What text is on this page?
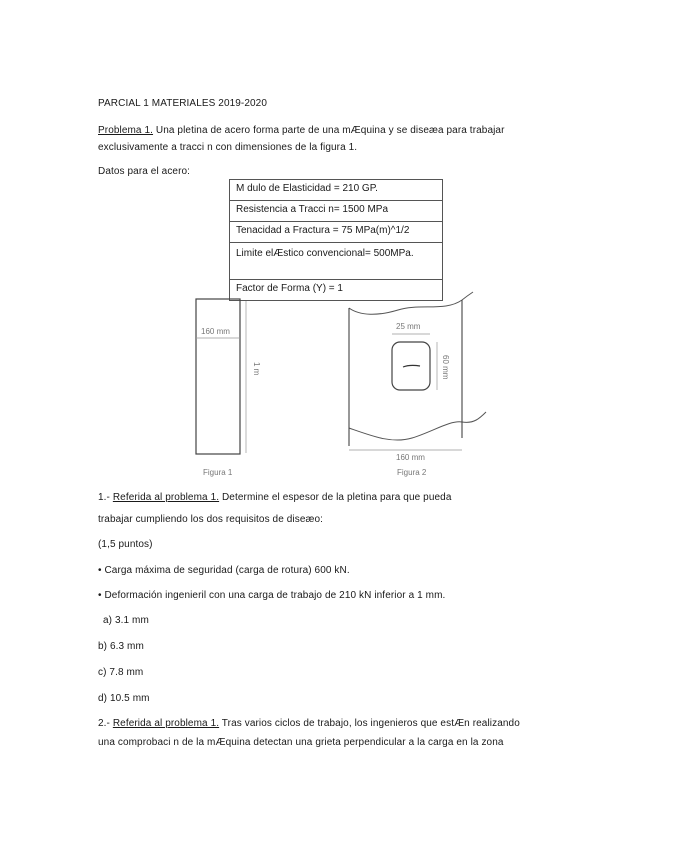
PARCIAL 1 MATERIALES 2019-2020
Problema 1. Una pletina de acero forma parte de una mÆquina y se diseæa para trabajar
exclusivamente a tracci n con dimensiones de la figura 1.
Datos para el acero:
M dulo de Elasticidad = 210 GP.
Resistencia a Tracci n= 1500 MPa
Tenacidad a Fractura = 75 MPa(m)^1/2
Limite elÆstico convencional= 500MPa.
Factor de Forma (Y) = 1
160 mm
1 m
Figura 1
25 mm
60 mm
160 mm
Figura 2
1.- Referida al problema 1. Determine el espesor de la pletina para que pueda
trabajar cumpliendo los dos requisitos de diseæo:
(1,5 puntos)
• Carga máxima de seguridad (carga de rotura) 600 kN.
• Deformación ingenieril con una carga de trabajo de 210 kN inferior a 1 mm.
a) 3.1 mm
b) 6.3 mm
c) 7.8 mm
d) 10.5 mm
2.- Referida al problema 1. Tras varios ciclos de trabajo, los ingenieros que estÆn realizando
una comprobaci n de la mÆquina detectan una grieta perpendicular a la carga en la zona
